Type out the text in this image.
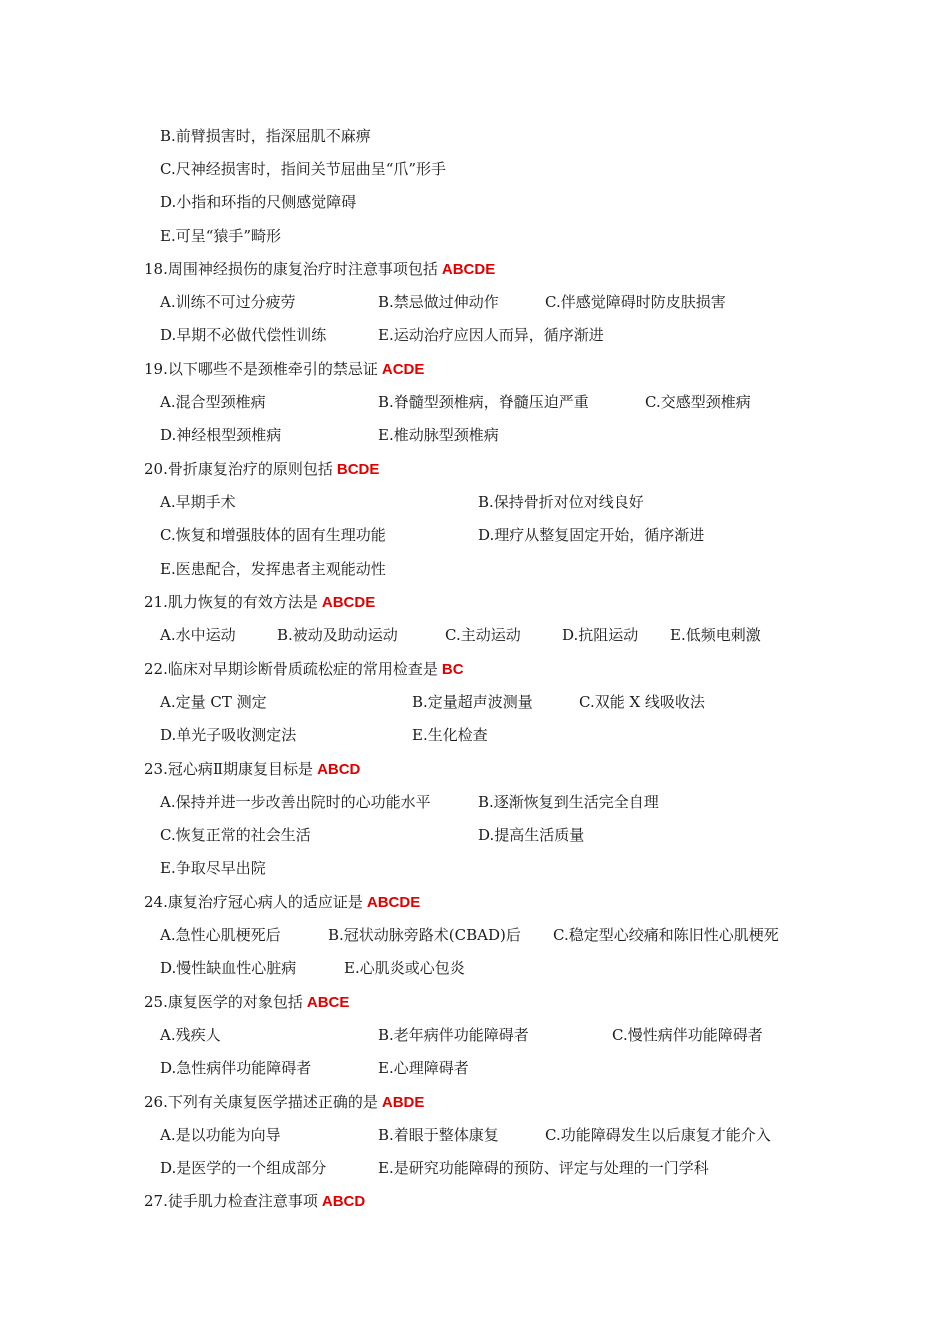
B.前臂损害时，指深屈肌不麻痹
C.尺神经损害时，指间关节屈曲呈“爪”形手
D.小指和环指的尺侧感觉障碍
E.可呈“猿手”畸形
18.周围神经损伤的康复治疗时注意事项包括 ABCDE
A.训练不可过分疲劳	B.禁忌做过伸动作	C.伴感觉障碍时防皮肤损害
D.早期不必做代偿性训练	E.运动治疗应因人而异，循序渐进
19.以下哪些不是颈椎牵引的禁忌证 ACDE
A.混合型颈椎病	B.脊髓型颈椎病，脊髓压迫严重	C.交感型颈椎病
D.神经根型颈椎病	E.椎动脉型颈椎病
20.骨折康复治疗的原则包括 BCDE
A.早期手术	B.保持骨折对位对线良好
C.恢复和增强肢体的固有生理功能	D.理疗从整复固定开始，循序渐进
E.医患配合，发挥患者主观能动性
21.肌力恢复的有效方法是 ABCDE
A.水中运动	B.被动及助动运动	C.主动运动	D.抗阻运动 E.低频电刺激
22.临床对早期诊断骨质疏松症的常用检查是 BC
A.定量 CT 测定	B.定量超声波测量	C.双能 X 线吸收法
D.单光子吸收测定法	E.生化检查
23.冠心病Ⅱ期康复目标是 ABCD
A.保持并进一步改善出院时的心功能水平	B.逐渐恢复到生活完全自理
C.恢复正常的社会生活	D.提高生活质量
E.争取尽早出院
24.康复治疗冠心病人的适应证是 ABCDE
A.急性心肌梗死后	B.冠状动脉旁路术(CBAD)后 C.稳定型心绞痛和陈旧性心肌梗死
D.慢性缺血性心脏病	E.心肌炎或心包炎
25.康复医学的对象包括 ABCE
A.残疾人	B.老年病伴功能障碍者	C.慢性病伴功能障碍者
D.急性病伴功能障碍者	E.心理障碍者
26.下列有关康复医学描述正确的是 ABDE
A.是以功能为向导	B.着眼于整体康复	C.功能障碍发生以后康复才能介入
D.是医学的一个组成部分	E.是研究功能障碍的预防、评定与处理的一门学科
27.徒手肌力检查注意事项 ABCD
